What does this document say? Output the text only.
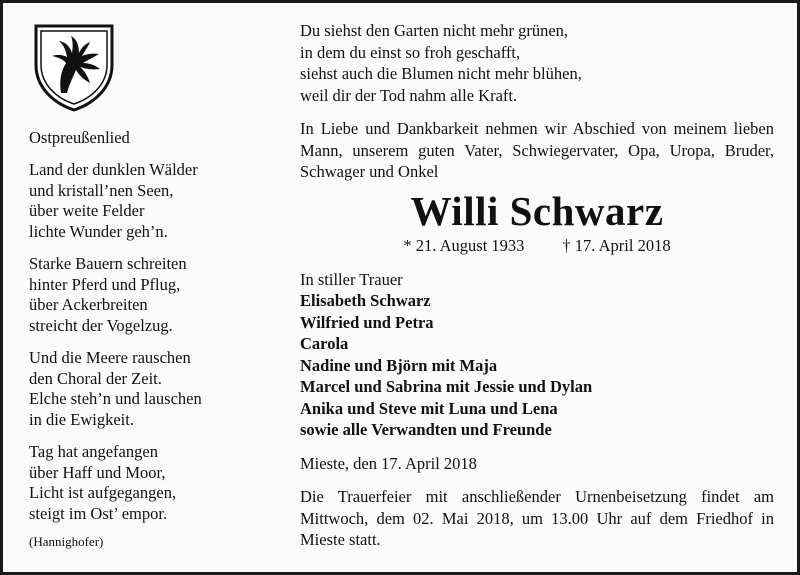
Ostpreußenlied
Land der dunklen Wälder
und kristall’nen Seen,
über weite Felder
lichte Wunder geh’n.
Starke Bauern schreiten
hinter Pferd und Pflug,
über Ackerbreiten
streicht der Vogelzug.
Und die Meere rauschen
den Choral der Zeit.
Elche steh’n und lauschen
in die Ewigkeit.
Tag hat angefangen
über Haff und Moor,
Licht ist aufgegangen,
steigt im Ost’ empor.
(Hannighofer)
Du siehst den Garten nicht mehr grünen,
in dem du einst so froh geschafft,
siehst auch die Blumen nicht mehr blühen,
weil dir der Tod nahm alle Kraft.
In Liebe und Dankbarkeit nehmen wir Abschied von meinem lieben Mann, unserem guten Vater, Schwiegervater, Opa, Uropa, Bruder, Schwager und Onkel
Willi Schwarz
* 21. August 1933 † 17. April 2018
In stiller Trauer
Elisabeth Schwarz
Wilfried und Petra
Carola
Nadine und Björn mit Maja
Marcel und Sabrina mit Jessie und Dylan
Anika und Steve mit Luna und Lena
sowie alle Verwandten und Freunde
Mieste, den 17. April 2018
Die Trauerfeier mit anschließender Urnenbeisetzung findet am Mittwoch, dem 02. Mai 2018, um 13.00 Uhr auf dem Friedhof in Mieste statt.
